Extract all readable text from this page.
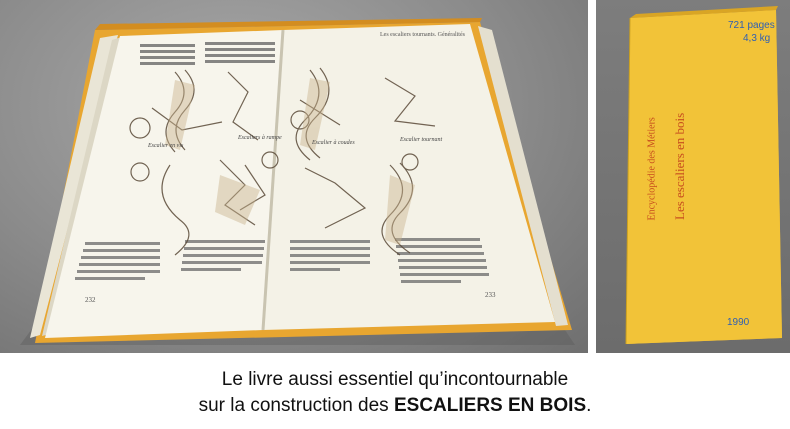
Les escaliers tournants. Généralités
Escalier en vis
Escaliers à rampe
Escalier à coudes	Escalier tournant
232
233
721 pages
4,3 kg
1990
Encyclopédie des Métiers Les escaliers en bois
Le livre aussi essentiel qu’incontournable
sur la construction des ESCALIERS EN BOIS.
